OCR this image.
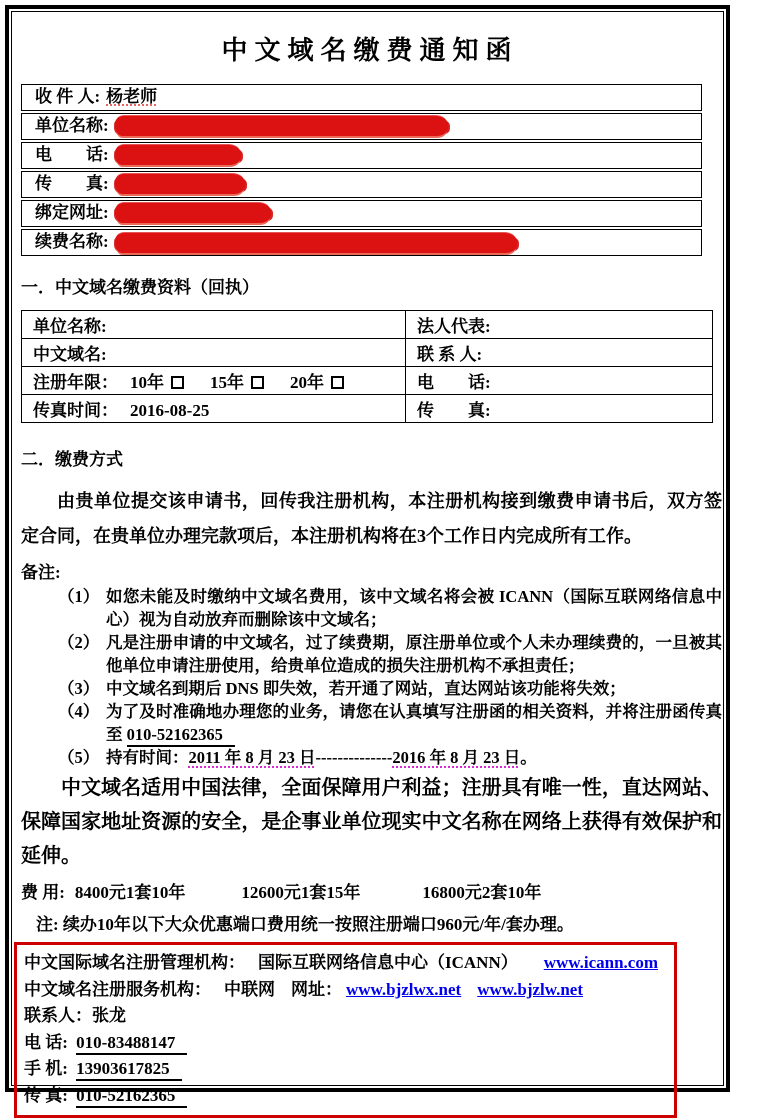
中文域名缴费通知函
收 件 人: 杨老师
单位名称:
电　　话:
传　　真:
绑定网址:
续费名称:
一．中文域名缴费资料（回执）
单位名称:	法人代表:
中文域名:	联 系 人:
注册年限： 10年 15年 20年	电　　话:
传真时间： 2016-08-25	传　　真:
二．缴费方式
由贵单位提交该申请书，回传我注册机构，本注册机构接到缴费申请书后，双方签定合同，在贵单位办理完款项后，本注册机构将在3个工作日内完成所有工作。
备注:
（1） 如您未能及时缴纳中文域名费用，该中文域名将会被 ICANN（国际互联网络信息中心）视为自动放弃而删除该中文域名；
（2） 凡是注册申请的中文域名，过了续费期，原注册单位或个人未办理续费的，一旦被其他单位申请注册使用，给贵单位造成的损失注册机构不承担责任；
（3） 中文域名到期后 DNS 即失效，若开通了网站，直达网站该功能将失效；
（4） 为了及时准确地办理您的业务，请您在认真填写注册函的相关资料，并将注册函传真至 010-52162365
（5） 持有时间：2011 年 8 月 23 日--------------2016 年 8 月 23 日。
中文域名适用中国法律，全面保障用户利益；注册具有唯一性，直达网站、保障国家地址资源的安全，是企事业单位现实中文名称在网络上获得有效保护和延伸。
费 用: 8400元1套10年	12600元1套15年	16800元2套10年
注: 续办10年以下大众优惠端口费用统一按照注册端口960元/年/套办理。
中文国际域名注册管理机构： 国际互联网络信息中心（ICANN） www.icann.com
中文域名注册服务机构： 中联网 网址： www.bjzlwx.net www.bjzlw.net
联系人：张龙
电 话: 010-83488147
手 机: 13903617825
传 真: 010-52162365
